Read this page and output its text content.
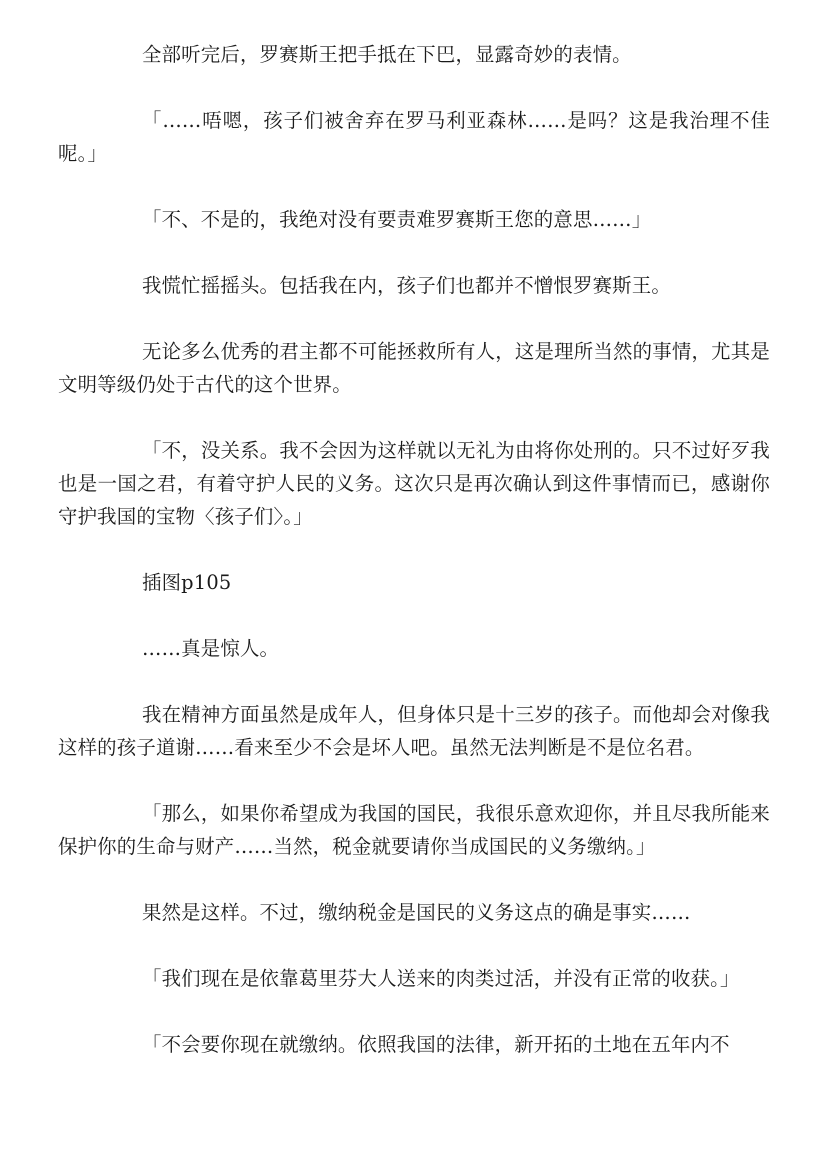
全部听完后，罗赛斯王把手抵在下巴，显露奇妙的表情。

「……唔嗯，孩子们被舍弃在罗马利亚森林……是吗？这是我治理不佳呢。」

「不、不是的，我绝对没有要责难罗赛斯王您的意思……」

我慌忙摇摇头。包括我在内，孩子们也都并不憎恨罗赛斯王。

无论多么优秀的君主都不可能拯救所有人，这是理所当然的事情，尤其是文明等级仍处于古代的这个世界。

「不，没关系。我不会因为这样就以无礼为由将你处刑的。只不过好歹我也是一国之君，有着守护人民的义务。这次只是再次确认到这件事情而已，感谢你守护我国的宝物〈孩子们〉。」

插图p105

……真是惊人。

我在精神方面虽然是成年人，但身体只是十三岁的孩子。而他却会对像我这样的孩子道谢……看来至少不会是坏人吧。虽然无法判断是不是位名君。

「那么，如果你希望成为我国的国民，我很乐意欢迎你，并且尽我所能来保护你的生命与财产……当然，税金就要请你当成国民的义务缴纳。」

果然是这样。不过，缴纳税金是国民的义务这点的确是事实……

「我们现在是依靠葛里芬大人送来的肉类过活，并没有正常的收获。」

「不会要你现在就缴纳。依照我国的法律，新开拓的土地在五年内不
